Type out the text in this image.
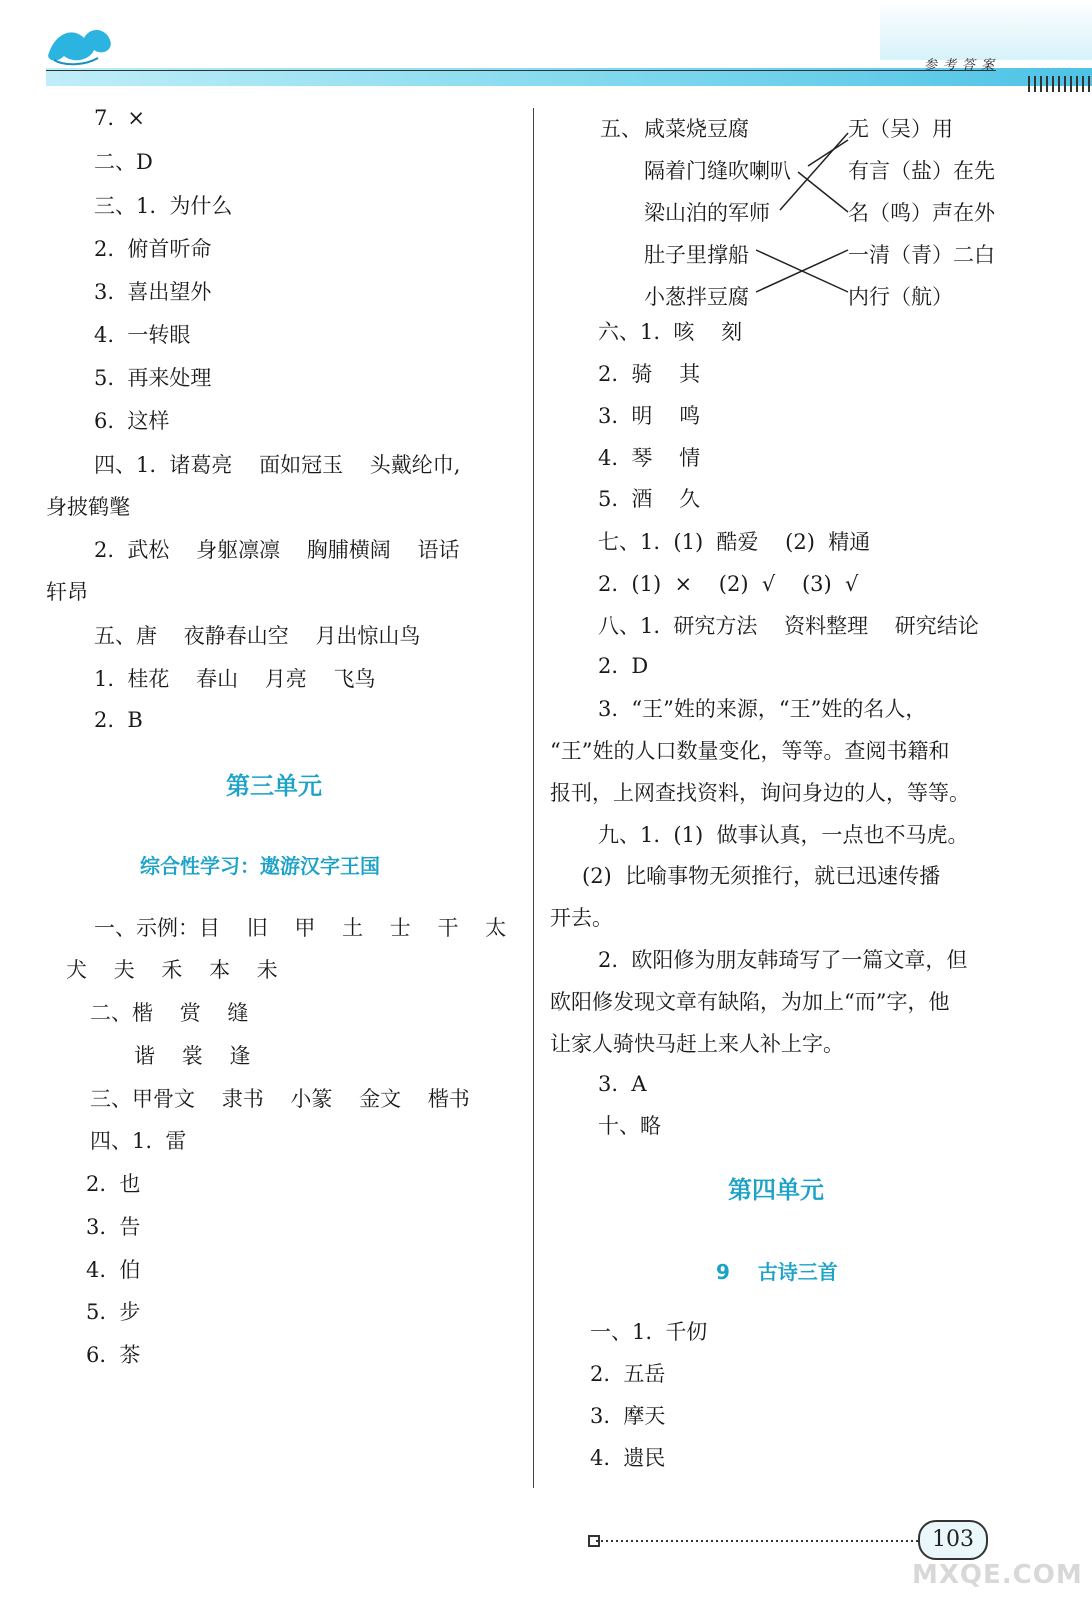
参考答案
7.  ×
二、D
三、1.  为什么
2.  俯首听命
3.  喜出望外
4.  一转眼
5.  再来处理
6.  这样
四、1.  诸葛亮    面如冠玉    头戴纶巾,
身披鹤氅
2.  武松    身躯凛凛    胸脯横阔    语话
轩昂
五、唐    夜静春山空    月出惊山鸟
1.  桂花    春山    月亮    飞鸟
2.  B
第三单元
综合性学习：遨游汉字王国
一、示例：目    旧    甲    土    士    干    太
犬    夫    禾    本    未
二、楷    赏    缝
谐    裳    逢
三、甲骨文    隶书    小篆    金文    楷书
四、1.  雷
2.  也
3.  告
4.  伯
5.  步
6.  茶
五、 咸菜烧豆腐
隔着门缝吹喇叭
梁山泊的军师
肚子里撑船
小葱拌豆腐
无（吴）用
有言（盐）在先
名（鸣）声在外
一清（青）二白
内行（航）
六、1.  咳    刻
2.  骑    其
3.  明    鸣
4.  琴    情
5.  酒    久
七、1.  (1)  酷爱    (2)  精通
2.  (1)  ×    (2)  √    (3)  √
八、1.  研究方法    资料整理    研究结论
2.  D
3.  “王”姓的来源，“王”姓的名人，
“王”姓的人口数量变化，等等。查阅书籍和
报刊，上网查找资料，询问身边的人，等等。
九、1.  (1)  做事认真，一点也不马虎。
(2)  比喻事物无须推行，就已迅速传播
开去。
2.  欧阳修为朋友韩琦写了一篇文章，但
欧阳修发现文章有缺陷，为加上“而”字，他
让家人骑快马赶上来人补上字。
3.  A
十、略
第四单元
9    古诗三首
一、1.  千仞
2.  五岳
3.  摩天
4.  遗民
103
MXQE.COM
